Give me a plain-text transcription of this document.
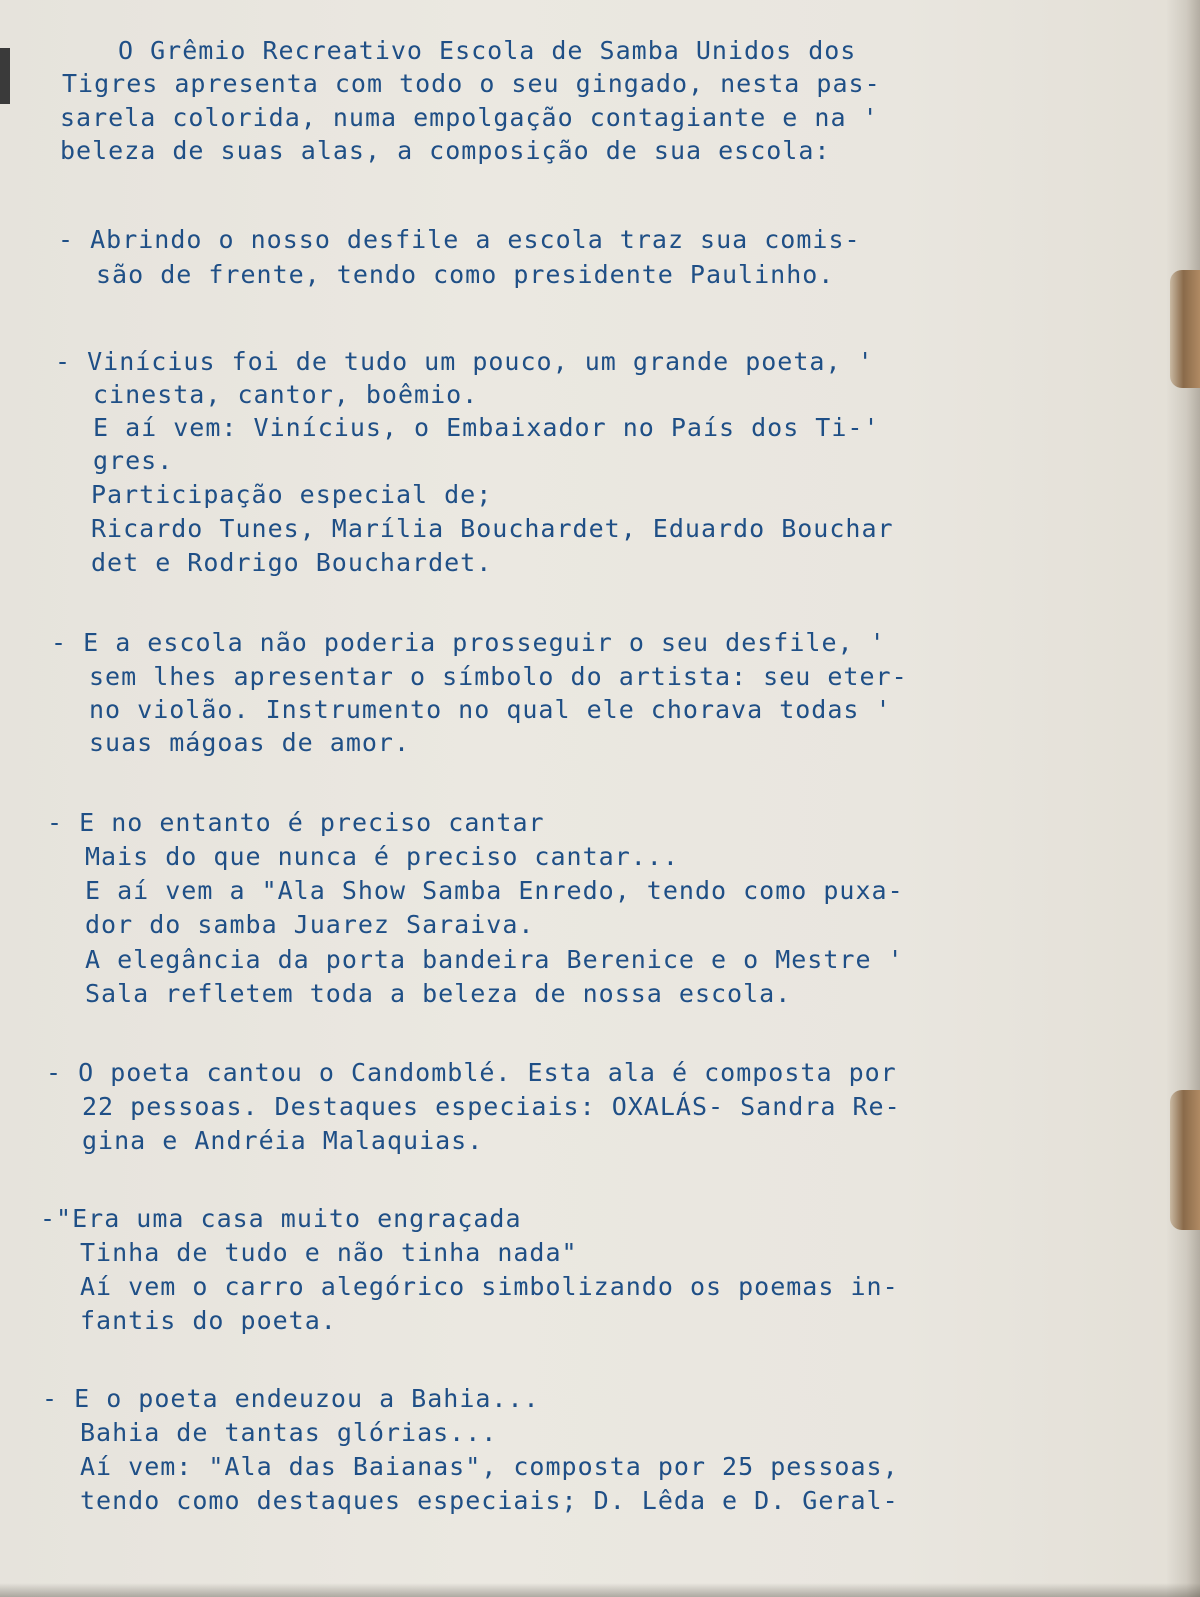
O Grêmio Recreativo Escola de Samba Unidos dos

Tigres apresenta com todo o seu gingado, nesta pas-

sarela colorida, numa empolgação contagiante e na '

beleza de suas alas, a composição de sua escola:

- Abrindo o nosso desfile a escola traz sua comis-

são de frente, tendo como presidente Paulinho.

- Vinícius foi de tudo um pouco, um grande poeta, '

cinesta, cantor, boêmio.

E aí vem: Vinícius, o Embaixador no País dos Ti-'

gres.

Participação especial de;

Ricardo Tunes, Marília Bouchardet, Eduardo Bouchar

det e Rodrigo Bouchardet.

- E a escola não poderia prosseguir o seu desfile, '

sem lhes apresentar o símbolo do artista: seu eter-

no violão. Instrumento no qual ele chorava todas '

suas mágoas de amor.

- E no entanto é preciso cantar

Mais do que nunca é preciso cantar...

E aí vem a "Ala Show Samba Enredo, tendo como puxa-

dor do samba Juarez Saraiva.

A elegância da porta bandeira Berenice e o Mestre '

Sala refletem toda a beleza de nossa escola.

- O poeta cantou o Candomblé. Esta ala é composta por

22 pessoas. Destaques especiais: OXALÁS- Sandra Re-

gina e Andréia Malaquias.

-"Era uma casa muito engraçada

Tinha de tudo e não tinha nada"

Aí vem o carro alegórico simbolizando os poemas in-

fantis do poeta.

- E o poeta endeuzou a Bahia...

Bahia de tantas glórias...

Aí vem: "Ala das Baianas", composta por 25 pessoas,

tendo como destaques especiais; D. Lêda e D. Geral-
